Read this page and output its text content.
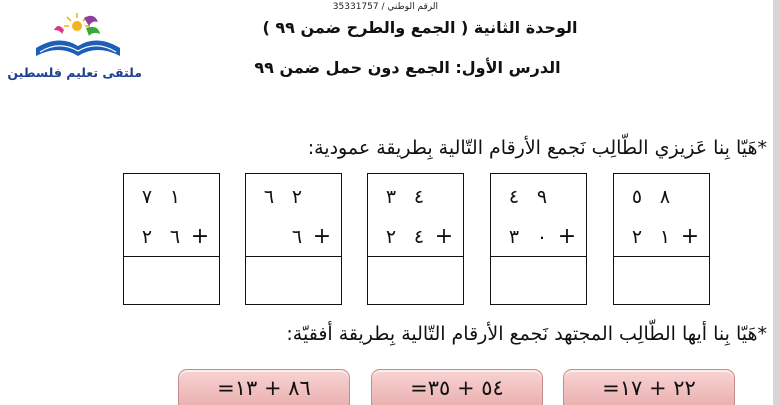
الرقم الوطني / 35331757
الوحدة الثانية ( الجمع والطرح ضمن ٩٩ )
الدرس الأول: الجمع دون حمل ضمن ٩٩
ملتقى تعليم فلسطين
*هَيّا بِنا عَزيزي الطّالِب نَجمع الأرقام التّالية بِطريقة عمودية:
٨
٥
+
١
٢
٩
٤
+
٠
٣
٤
٣
+
٤
٢
٢
٦
+
٦
١
٧
+
٦
٢
*هَيّا بِنا أيها الطّالِب المجتهد نَجمع الأرقام التّالية بِطريقة أفقيّة:
٢٢ + ١٧=
٥٤ + ٣٥=
٨٦ + ١٣=
